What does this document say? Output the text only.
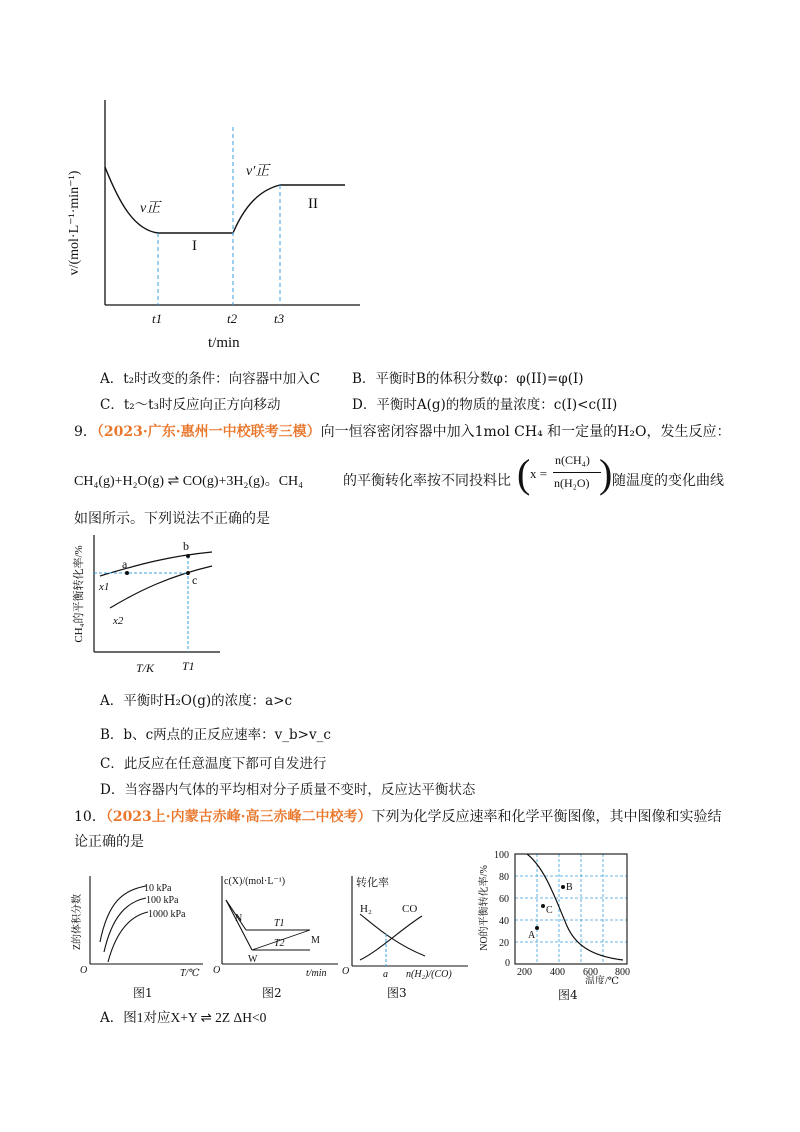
v/(mol·L⁻¹·min⁻¹)	v正
v′正
I
II
t1	t2	t3
t/min
A．t₂时改变的条件：向容器中加入C B．平衡时B的体积分数φ：φ(II)=φ(I)
C．t₂～t₃时反应向正方向移动	D．平衡时A(g)的物质的量浓度：c(I)<c(II)
9．（2023·广东·惠州一中校联考三模）向一恒容密闭容器中加入1mol CH₄ 和一定量的H₂O，发生反应：
CH₄(g)+H₂O(g) ⇌ CO(g)+3H₂(g)。CH₄	的平衡转化率按不同投料比 ( x =
n(CH₄)
n(H₂O) ) 随温度的变化曲线
如图所示。下列说法不正确的是
a
b
c
x1
x2
CH₄的平衡转化率/%
T/K T1
A．平衡时H₂O(g)的浓度：a>c
B．b、c两点的正反应速率：v_b>v_c
C．此反应在任意温度下都可自发进行
D．当容器内气体的平均相对分子质量不变时，反应达平衡状态
10．（2023上·内蒙古赤峰·高三赤峰二中校考）下列为化学反应速率和化学平衡图像，其中图像和实验结
论正确的是
10 kPa
100 kPa
1000 kPa
Z的体积分数
O	T/℃
图1
c(X)/(mol·L⁻¹)
N
M
W
T1
T2
O	t/min
图2
转化率
H₂	CO
a
O	n(H₂)/(CO)
图3
A
B
C
100
80
60
40
20
0
200 400 600 800
NO的平衡转化率/%
温度/℃
图4
A．图1对应X+Y ⇌ 2Z ΔH<0
